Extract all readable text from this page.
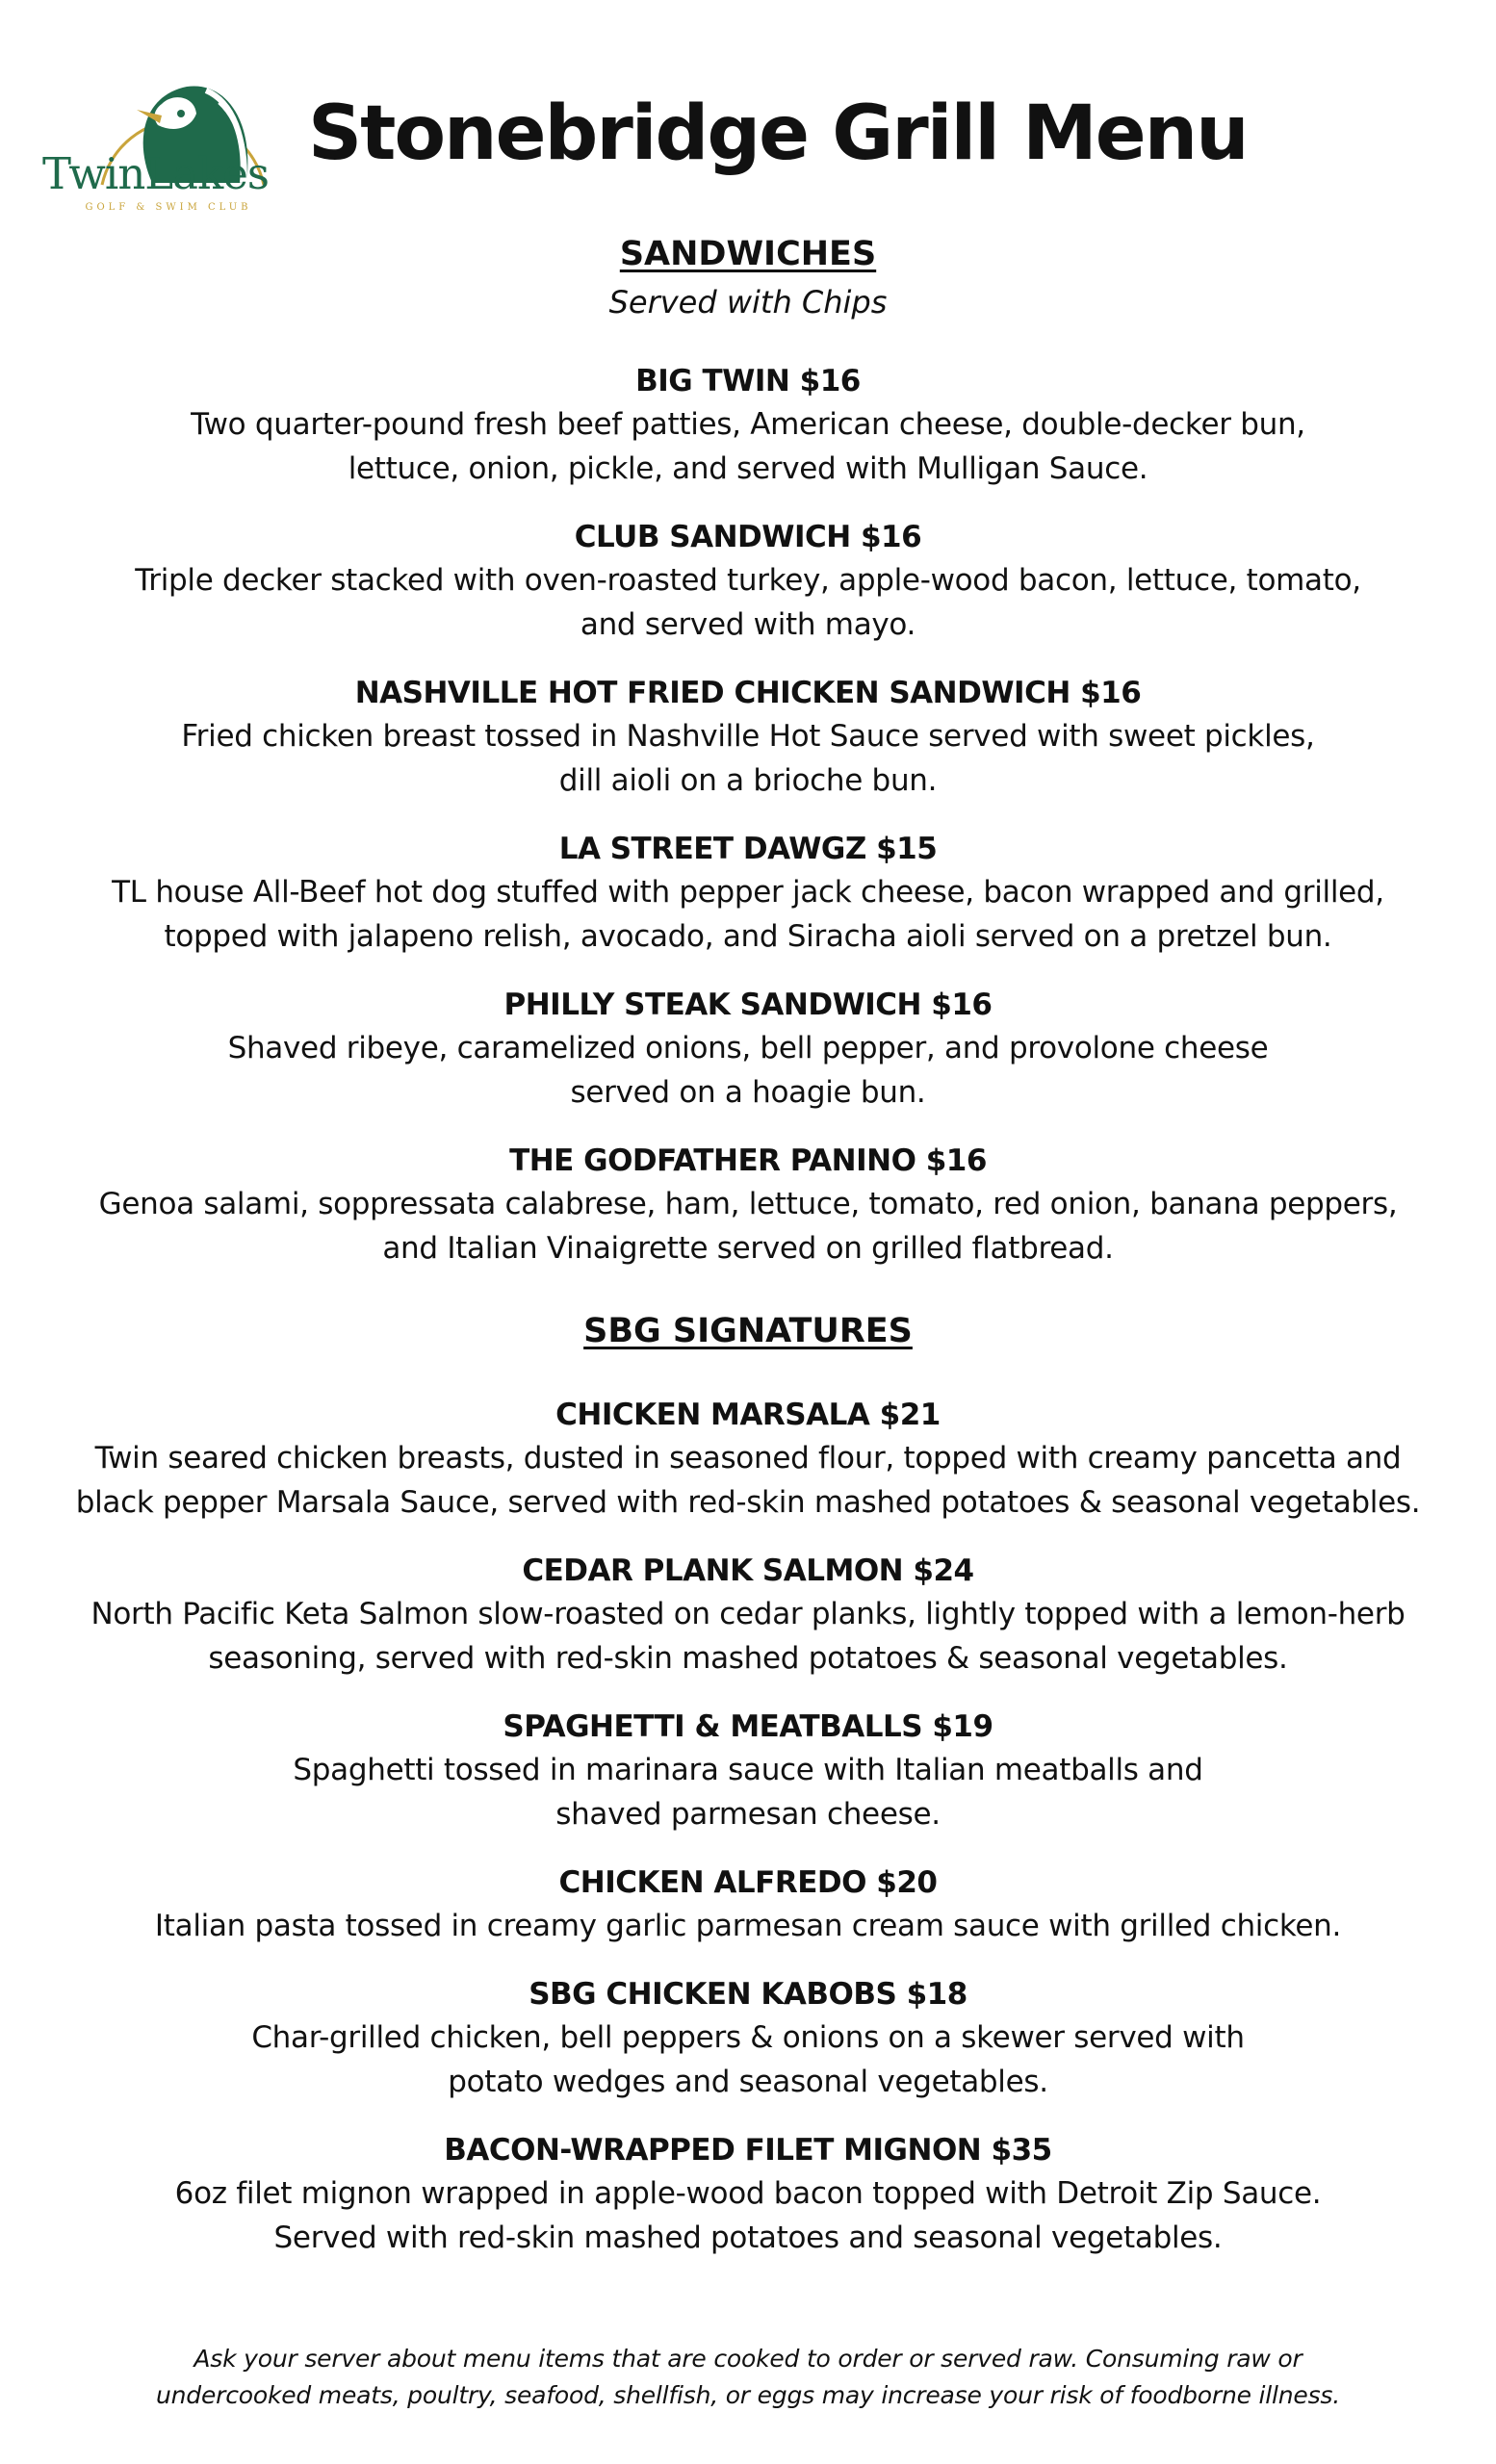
TwinLakes
GOLF & SWIM CLUB
Stonebridge Grill Menu
SANDWICHES
Served with Chips
BIG TWIN $16
Two quarter-pound fresh beef patties, American cheese, double-decker bun,
lettuce, onion, pickle, and served with Mulligan Sauce.
CLUB SANDWICH $16
Triple decker stacked with oven-roasted turkey, apple-wood bacon, lettuce, tomato,
and served with mayo.
NASHVILLE HOT FRIED CHICKEN SANDWICH $16
Fried chicken breast tossed in Nashville Hot Sauce served with sweet pickles,
dill aioli on a brioche bun.
LA STREET DAWGZ $15
TL house All-Beef hot dog stuffed with pepper jack cheese, bacon wrapped and grilled,
topped with jalapeno relish, avocado, and Siracha aioli served on a pretzel bun.
PHILLY STEAK SANDWICH $16
Shaved ribeye, caramelized onions, bell pepper, and provolone cheese
served on a hoagie bun.
THE GODFATHER PANINO $16
Genoa salami, soppressata calabrese, ham, lettuce, tomato, red onion, banana peppers,
and Italian Vinaigrette served on grilled flatbread.
SBG SIGNATURES
CHICKEN MARSALA $21
Twin seared chicken breasts, dusted in seasoned flour, topped with creamy pancetta and
black pepper Marsala Sauce, served with red-skin mashed potatoes & seasonal vegetables.
CEDAR PLANK SALMON $24
North Pacific Keta Salmon slow-roasted on cedar planks, lightly topped with a lemon-herb
seasoning, served with red-skin mashed potatoes & seasonal vegetables.
SPAGHETTI & MEATBALLS $19
Spaghetti tossed in marinara sauce with Italian meatballs and
shaved parmesan cheese.
CHICKEN ALFREDO $20
Italian pasta tossed in creamy garlic parmesan cream sauce with grilled chicken.
SBG CHICKEN KABOBS $18
Char-grilled chicken, bell peppers & onions on a skewer served with
potato wedges and seasonal vegetables.
BACON-WRAPPED FILET MIGNON $35
6oz filet mignon wrapped in apple-wood bacon topped with Detroit Zip Sauce.
Served with red-skin mashed potatoes and seasonal vegetables.
Ask your server about menu items that are cooked to order or served raw. Consuming raw or
undercooked meats, poultry, seafood, shellfish, or eggs may increase your risk of foodborne illness.
